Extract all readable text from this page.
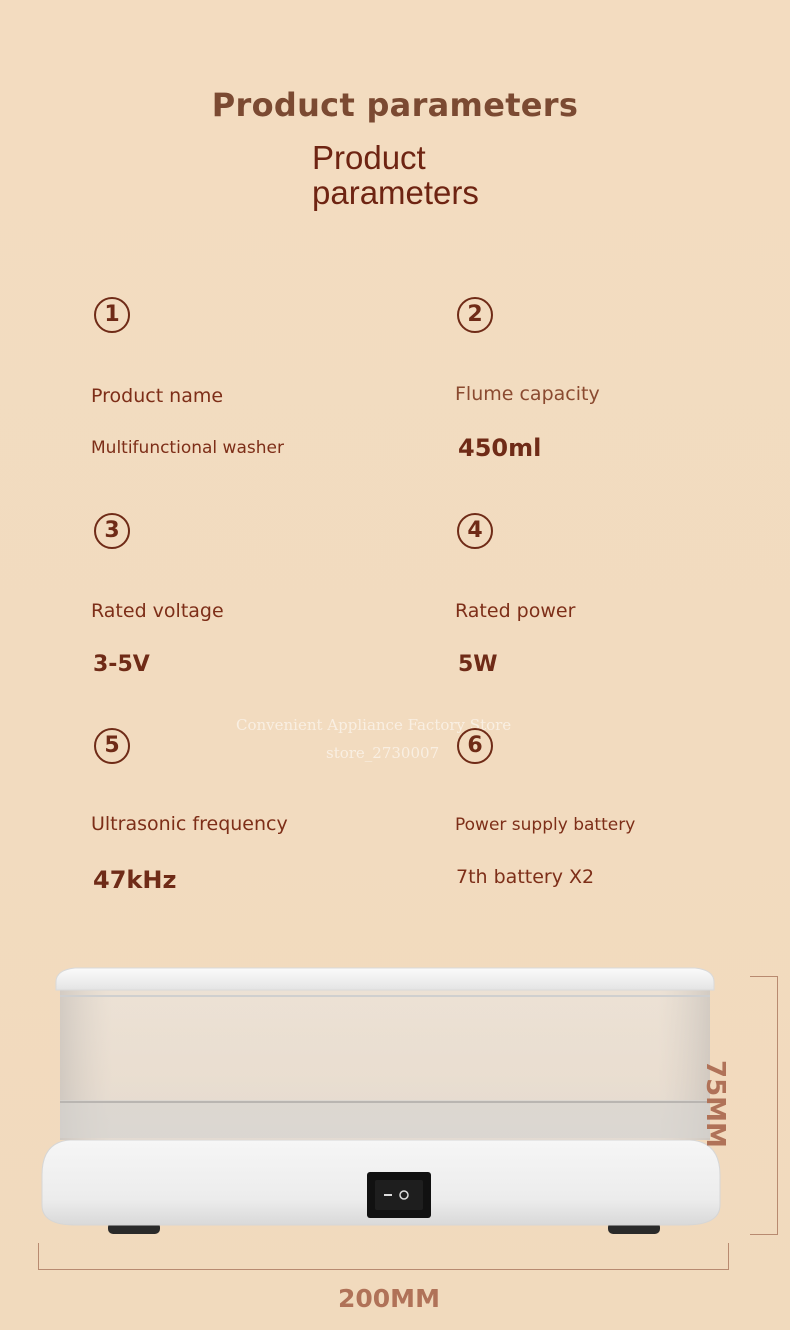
Product parameters
Product
parameters
1
Product name
Multifunctional washer
2
Flume capacity
450ml
3
Rated voltage
3-5V
4
Rated power
5W
Convenient Appliance Factory Store
store_2730007
5
Ultrasonic frequency
47kHz
6
Power supply battery
7th battery X2
75MM
200MM
